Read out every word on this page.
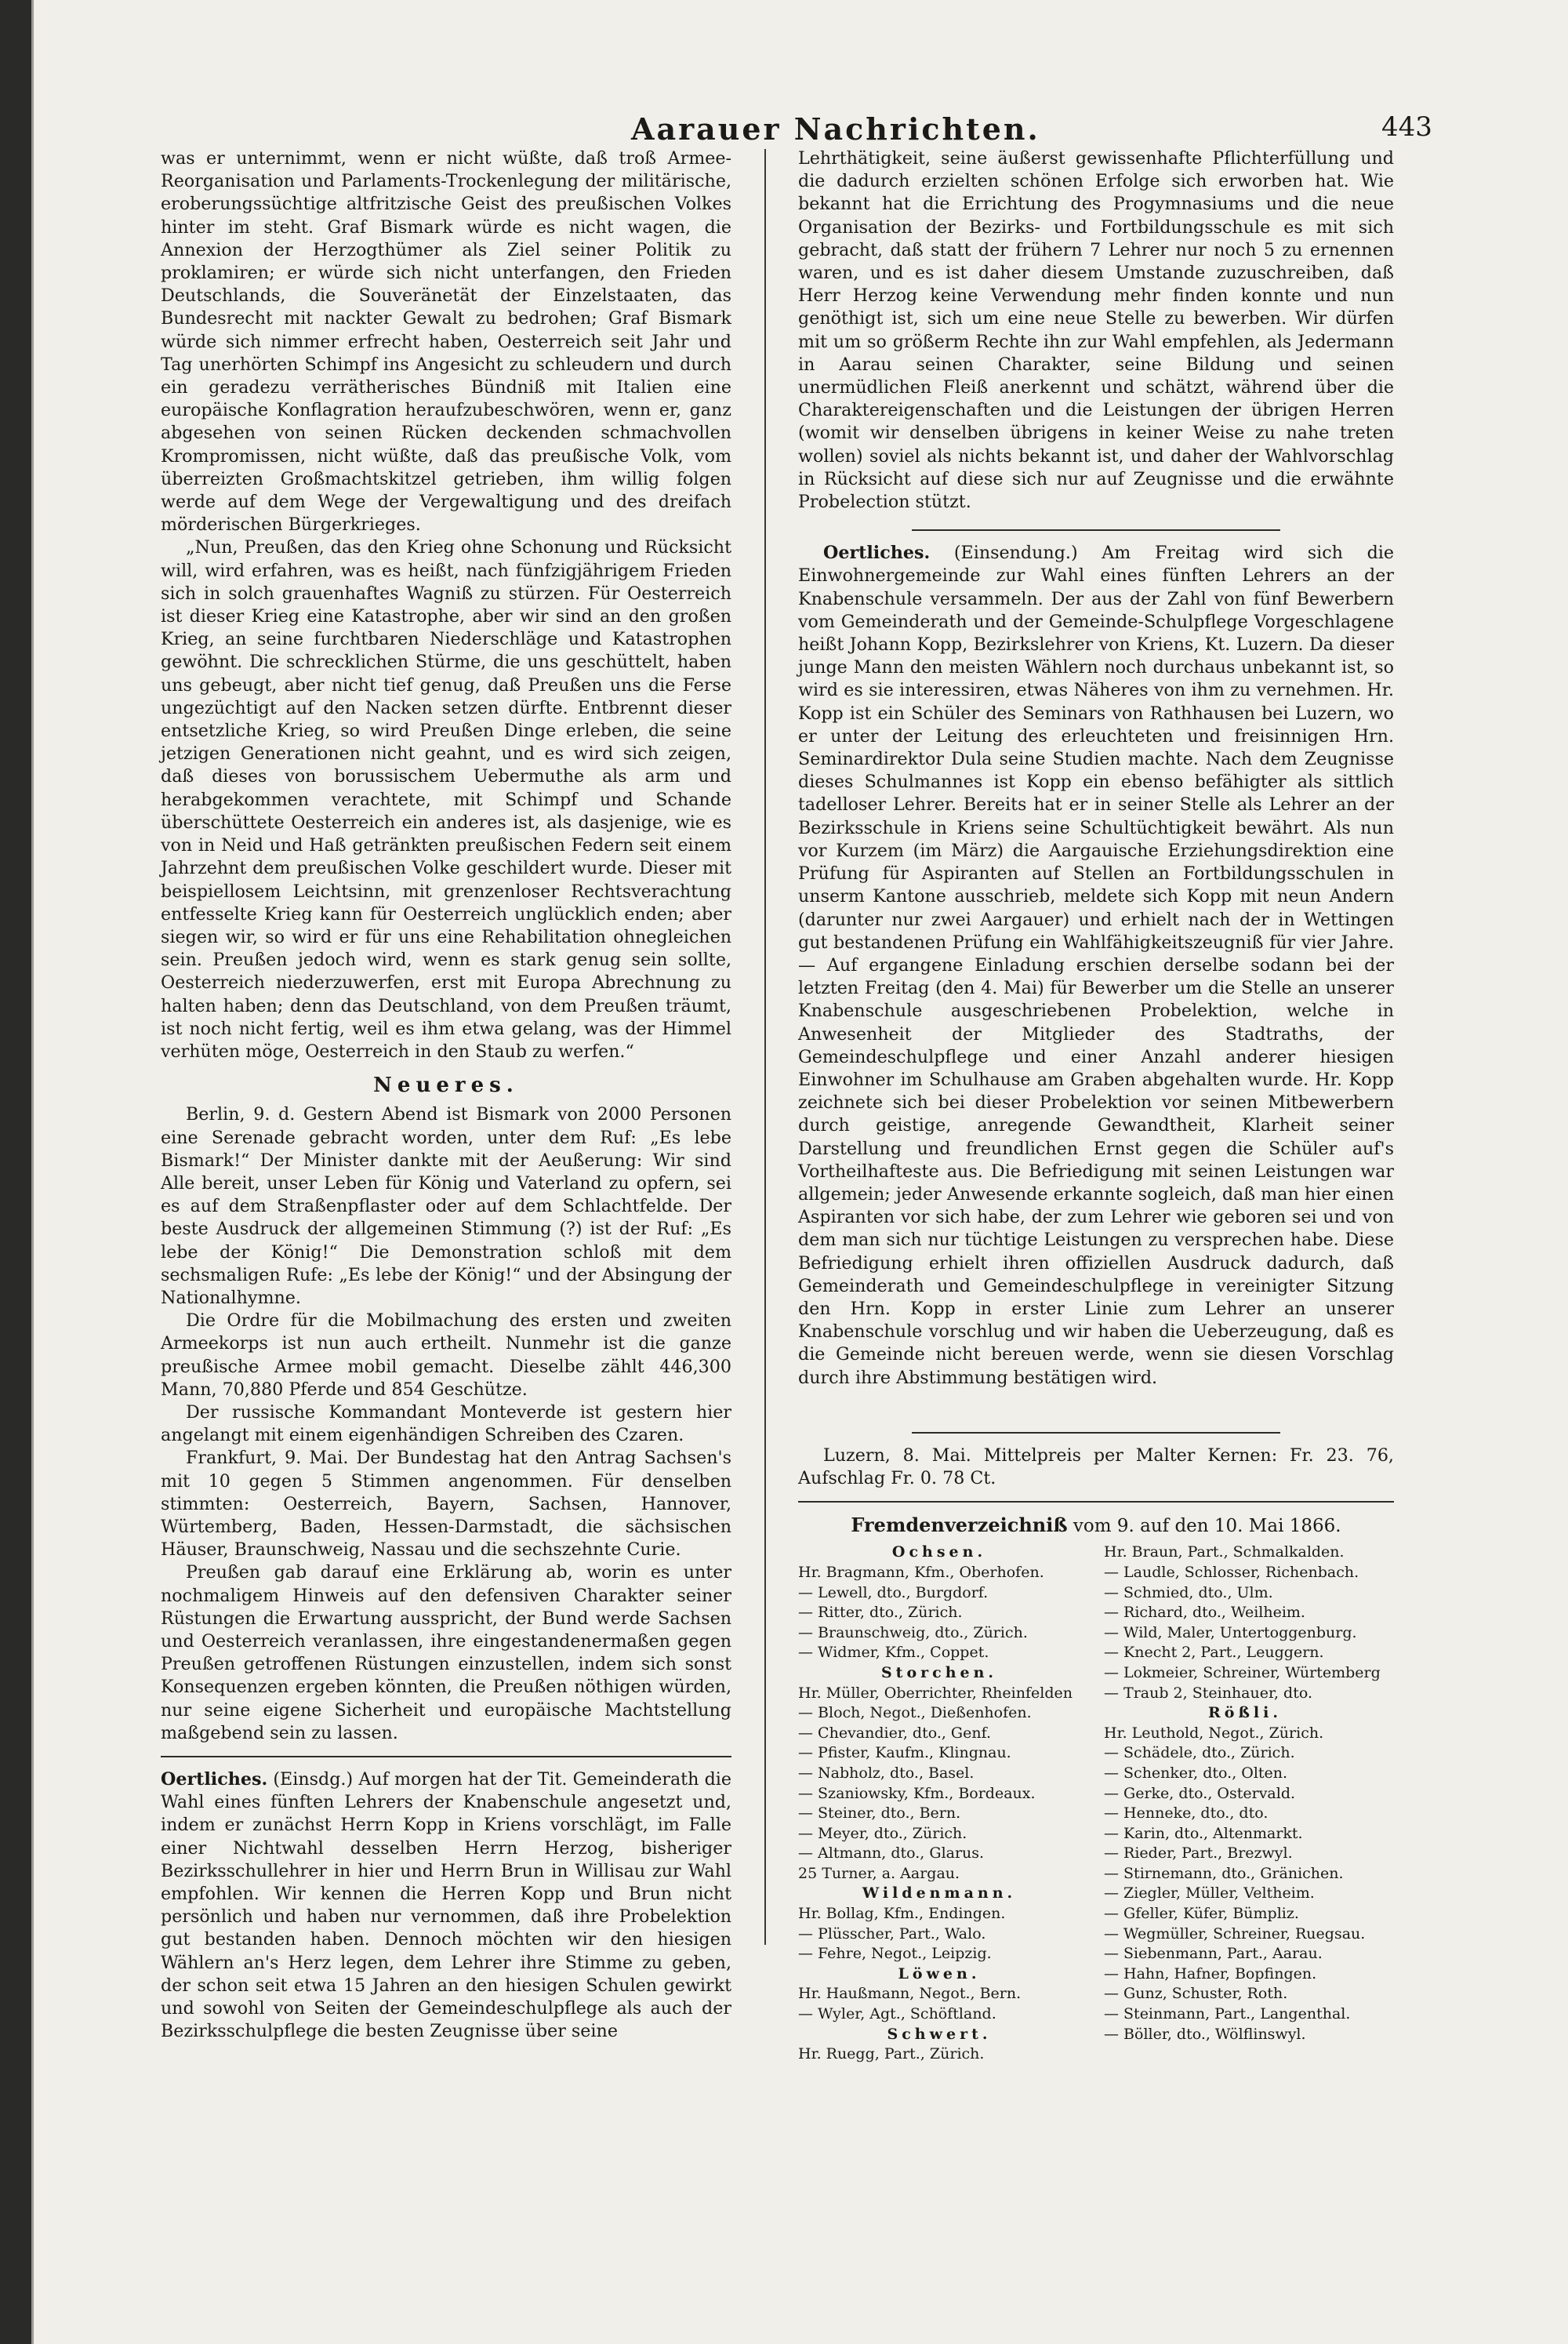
Aarauer Nachrichten.	443

was er unternimmt, wenn er nicht wüßte, daß troß Armee-Reorganisation und Parlaments-Trockenlegung der militärische, eroberungssüchtige altfritzische Geist des preußischen Volkes hinter im steht. Graf Bismark würde es nicht wagen, die Annexion der Herzogthümer als Ziel seiner Politik zu proklamiren; er würde sich nicht unterfangen, den Frieden Deutschlands, die Souveränetät der Einzelstaaten, das Bundesrecht mit nackter Gewalt zu bedrohen; Graf Bismark würde sich nimmer erfrecht haben, Oesterreich seit Jahr und Tag unerhörten Schimpf ins Angesicht zu schleudern und durch ein geradezu verrätherisches Bündniß mit Italien eine europäische Konflagration heraufzubeschwören, wenn er, ganz abgesehen von seinen Rücken deckenden schmachvollen Krompromissen, nicht wüßte, daß das preußische Volk, vom überreizten Großmachtskitzel getrieben, ihm willig folgen werde auf dem Wege der Vergewaltigung und des dreifach mörderischen Bürgerkrieges.

„Nun, Preußen, das den Krieg ohne Schonung und Rücksicht will, wird erfahren, was es heißt, nach fünfzigjährigem Frieden sich in solch grauenhaftes Wagniß zu stürzen. Für Oesterreich ist dieser Krieg eine Katastrophe, aber wir sind an den großen Krieg, an seine furchtbaren Niederschläge und Katastrophen gewöhnt. Die schrecklichen Stürme, die uns geschüttelt, haben uns gebeugt, aber nicht tief genug, daß Preußen uns die Ferse ungezüchtigt auf den Nacken setzen dürfte. Entbrennt dieser entsetzliche Krieg, so wird Preußen Dinge erleben, die seine jetzigen Generationen nicht geahnt, und es wird sich zeigen, daß dieses von borussischem Uebermuthe als arm und herabgekommen verachtete, mit Schimpf und Schande überschüttete Oesterreich ein anderes ist, als dasjenige, wie es von in Neid und Haß getränkten preußischen Federn seit einem Jahrzehnt dem preußischen Volke geschildert wurde. Dieser mit beispiellosem Leichtsinn, mit grenzenloser Rechtsverachtung entfesselte Krieg kann für Oesterreich unglücklich enden; aber siegen wir, so wird er für uns eine Rehabilitation ohnegleichen sein. Preußen jedoch wird, wenn es stark genug sein sollte, Oesterreich niederzuwerfen, erst mit Europa Abrechnung zu halten haben; denn das Deutschland, von dem Preußen träumt, ist noch nicht fertig, weil es ihm etwa gelang, was der Himmel verhüten möge, Oesterreich in den Staub zu werfen.“

Neueres.

Berlin, 9. d. Gestern Abend ist Bismark von 2000 Personen eine Serenade gebracht worden, unter dem Ruf: „Es lebe Bismark!“ Der Minister dankte mit der Aeußerung: Wir sind Alle bereit, unser Leben für König und Vaterland zu opfern, sei es auf dem Straßenpflaster oder auf dem Schlachtfelde. Der beste Ausdruck der allgemeinen Stimmung (?) ist der Ruf: „Es lebe der König!“ Die Demonstration schloß mit dem sechsmaligen Rufe: „Es lebe der König!“ und der Absingung der Nationalhymne.

Die Ordre für die Mobilmachung des ersten und zweiten Armeekorps ist nun auch ertheilt. Nunmehr ist die ganze preußische Armee mobil gemacht. Dieselbe zählt 446,300 Mann, 70,880 Pferde und 854 Geschütze.

Der russische Kommandant Monteverde ist gestern hier angelangt mit einem eigenhändigen Schreiben des Czaren.

Frankfurt, 9. Mai. Der Bundestag hat den Antrag Sachsen's mit 10 gegen 5 Stimmen angenommen. Für denselben stimmten: Oesterreich, Bayern, Sachsen, Hannover, Würtemberg, Baden, Hessen-Darmstadt, die sächsischen Häuser, Braunschweig, Nassau und die sechszehnte Curie.

Preußen gab darauf eine Erklärung ab, worin es unter nochmaligem Hinweis auf den defensiven Charakter seiner Rüstungen die Erwartung ausspricht, der Bund werde Sachsen und Oesterreich veranlassen, ihre eingestandenermaßen gegen Preußen getroffenen Rüstungen einzustellen, indem sich sonst Konsequenzen ergeben könnten, die Preußen nöthigen würden, nur seine eigene Sicherheit und europäische Machtstellung maßgebend sein zu lassen.

Oertliches. (Einsdg.) Auf morgen hat der Tit. Gemeinderath die Wahl eines fünften Lehrers der Knabenschule angesetzt und, indem er zunächst Herrn Kopp in Kriens vorschlägt, im Falle einer Nichtwahl desselben Herrn Herzog, bisheriger Bezirksschullehrer in hier und Herrn Brun in Willisau zur Wahl empfohlen. Wir kennen die Herren Kopp und Brun nicht persönlich und haben nur vernommen, daß ihre Probelektion gut bestanden haben. Dennoch möchten wir den hiesigen Wählern an's Herz legen, dem Lehrer ihre Stimme zu geben, der schon seit etwa 15 Jahren an den hiesigen Schulen gewirkt und sowohl von Seiten der Gemeindeschulpflege als auch der Bezirksschulpflege die besten Zeugnisse über seine

Lehrthätigkeit, seine äußerst gewissenhafte Pflichterfüllung und die dadurch erzielten schönen Erfolge sich erworben hat. Wie bekannt hat die Errichtung des Progymnasiums und die neue Organisation der Bezirks- und Fortbildungsschule es mit sich gebracht, daß statt der frühern 7 Lehrer nur noch 5 zu ernennen waren, und es ist daher diesem Umstande zuzuschreiben, daß Herr Herzog keine Verwendung mehr finden konnte und nun genöthigt ist, sich um eine neue Stelle zu bewerben. Wir dürfen mit um so größerm Rechte ihn zur Wahl empfehlen, als Jedermann in Aarau seinen Charakter, seine Bildung und seinen unermüdlichen Fleiß anerkennt und schätzt, während über die Charaktereigenschaften und die Leistungen der übrigen Herren (womit wir denselben übrigens in keiner Weise zu nahe treten wollen) soviel als nichts bekannt ist, und daher der Wahlvorschlag in Rücksicht auf diese sich nur auf Zeugnisse und die erwähnte Probelection stützt.

Oertliches. (Einsendung.) Am Freitag wird sich die Einwohnergemeinde zur Wahl eines fünften Lehrers an der Knabenschule versammeln. Der aus der Zahl von fünf Bewerbern vom Gemeinderath und der Gemeinde-Schulpflege Vorgeschlagene heißt Johann Kopp, Bezirkslehrer von Kriens, Kt. Luzern. Da dieser junge Mann den meisten Wählern noch durchaus unbekannt ist, so wird es sie interessiren, etwas Näheres von ihm zu vernehmen. Hr. Kopp ist ein Schüler des Seminars von Rathhausen bei Luzern, wo er unter der Leitung des erleuchteten und freisinnigen Hrn. Seminardirektor Dula seine Studien machte. Nach dem Zeugnisse dieses Schulmannes ist Kopp ein ebenso befähigter als sittlich tadelloser Lehrer. Bereits hat er in seiner Stelle als Lehrer an der Bezirksschule in Kriens seine Schultüchtigkeit bewährt. Als nun vor Kurzem (im März) die Aargauische Erziehungsdirektion eine Prüfung für Aspiranten auf Stellen an Fortbildungsschulen in unserm Kantone ausschrieb, meldete sich Kopp mit neun Andern (darunter nur zwei Aargauer) und erhielt nach der in Wettingen gut bestandenen Prüfung ein Wahlfähigkeitszeugniß für vier Jahre. — Auf ergangene Einladung erschien derselbe sodann bei der letzten Freitag (den 4. Mai) für Bewerber um die Stelle an unserer Knabenschule ausgeschriebenen Probelektion, welche in Anwesenheit der Mitglieder des Stadtraths, der Gemeindeschulpflege und einer Anzahl anderer hiesigen Einwohner im Schulhause am Graben abgehalten wurde. Hr. Kopp zeichnete sich bei dieser Probelektion vor seinen Mitbewerbern durch geistige, anregende Gewandtheit, Klarheit seiner Darstellung und freundlichen Ernst gegen die Schüler auf's Vortheilhafteste aus. Die Befriedigung mit seinen Leistungen war allgemein; jeder Anwesende erkannte sogleich, daß man hier einen Aspiranten vor sich habe, der zum Lehrer wie geboren sei und von dem man sich nur tüchtige Leistungen zu versprechen habe. Diese Befriedigung erhielt ihren offiziellen Ausdruck dadurch, daß Gemeinderath und Gemeindeschulpflege in vereinigter Sitzung den Hrn. Kopp in erster Linie zum Lehrer an unserer Knabenschule vorschlug und wir haben die Ueberzeugung, daß es die Gemeinde nicht bereuen werde, wenn sie diesen Vorschlag durch ihre Abstimmung bestätigen wird.

Luzern, 8. Mai. Mittelpreis per Malter Kernen: Fr. 23. 76, Aufschlag Fr. 0. 78 Ct.

Fremdenverzeichniß vom 9. auf den 10. Mai 1866.
Ochsen.
Hr. Bragmann, Kfm., Oberhofen.
— Lewell, dto., Burgdorf.
— Ritter, dto., Zürich.
— Braunschweig, dto., Zürich.
— Widmer, Kfm., Coppet.
Storchen.
Hr. Müller, Oberrichter, Rheinfelden
— Bloch, Negot., Dießenhofen.
— Chevandier, dto., Genf.
— Pfister, Kaufm., Klingnau.
— Nabholz, dto., Basel.
— Szaniowsky, Kfm., Bordeaux.
— Steiner, dto., Bern.
— Meyer, dto., Zürich.
— Altmann, dto., Glarus.
25 Turner, a. Aargau.
Wildenmann.
Hr. Bollag, Kfm., Endingen.
— Plüsscher, Part., Walo.
— Fehre, Negot., Leipzig.
Löwen.
Hr. Haußmann, Negot., Bern.
— Wyler, Agt., Schöftland.
Schwert.
Hr. Ruegg, Part., Zürich.
Hr. Braun, Part., Schmalkalden.
— Laudle, Schlosser, Richenbach.
— Schmied, dto., Ulm.
— Richard, dto., Weilheim.
— Wild, Maler, Untertoggenburg.
— Knecht 2, Part., Leuggern.
— Lokmeier, Schreiner, Würtemberg
— Traub 2, Steinhauer, dto.
Rößli.
Hr. Leuthold, Negot., Zürich.
— Schädele, dto., Zürich.
— Schenker, dto., Olten.
— Gerke, dto., Ostervald.
— Henneke, dto., dto.
— Karin, dto., Altenmarkt.
— Rieder, Part., Brezwyl.
— Stirnemann, dto., Gränichen.
— Ziegler, Müller, Veltheim.
— Gfeller, Küfer, Bümpliz.
— Wegmüller, Schreiner, Ruegsau.
— Siebenmann, Part., Aarau.
— Hahn, Hafner, Bopfingen.
— Gunz, Schuster, Roth.
— Steinmann, Part., Langenthal.
— Böller, dto., Wölflinswyl.
